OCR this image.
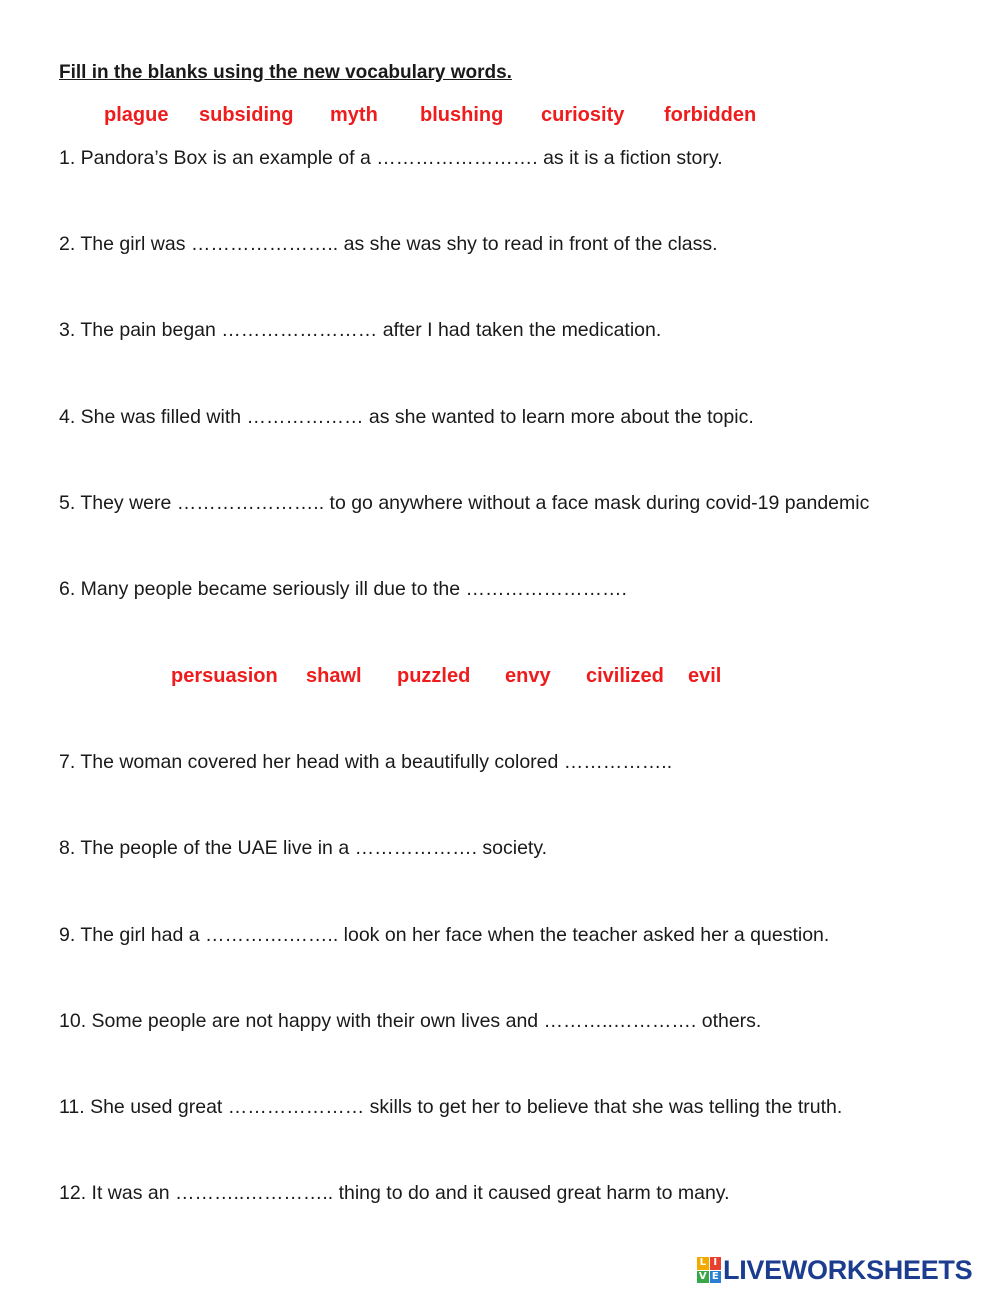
Fill in the blanks using the new vocabulary words.
plague subsiding myth blushing curiosity forbidden
1. Pandora’s Box is an example of a ……………………. as it is a fiction story.
2. The girl was ………………….. as she was shy to read in front of the class.
3. The pain began …………………… after I had taken the medication.
4. She was filled with ……………… as she wanted to learn more about the topic.
5. They were ………………….. to go anywhere without a face mask during covid-19 pandemic
6. Many people became seriously ill due to the …………………….
persuasion shawl puzzled envy civilized evil
7. The woman covered her head with a beautifully colored ……………..
8. The people of the UAE live in a ………………. society.
9. The girl had a ………….…….. look on her face when the teacher asked her a question.
10. Some people are not happy with their own lives and ………..…………. others.
11. She used great ………………… skills to get her to believe that she was telling the truth.
12. It was an ………..………….. thing to do and it caused great harm to many.
L I
V E LIVEWORKSHEETS
